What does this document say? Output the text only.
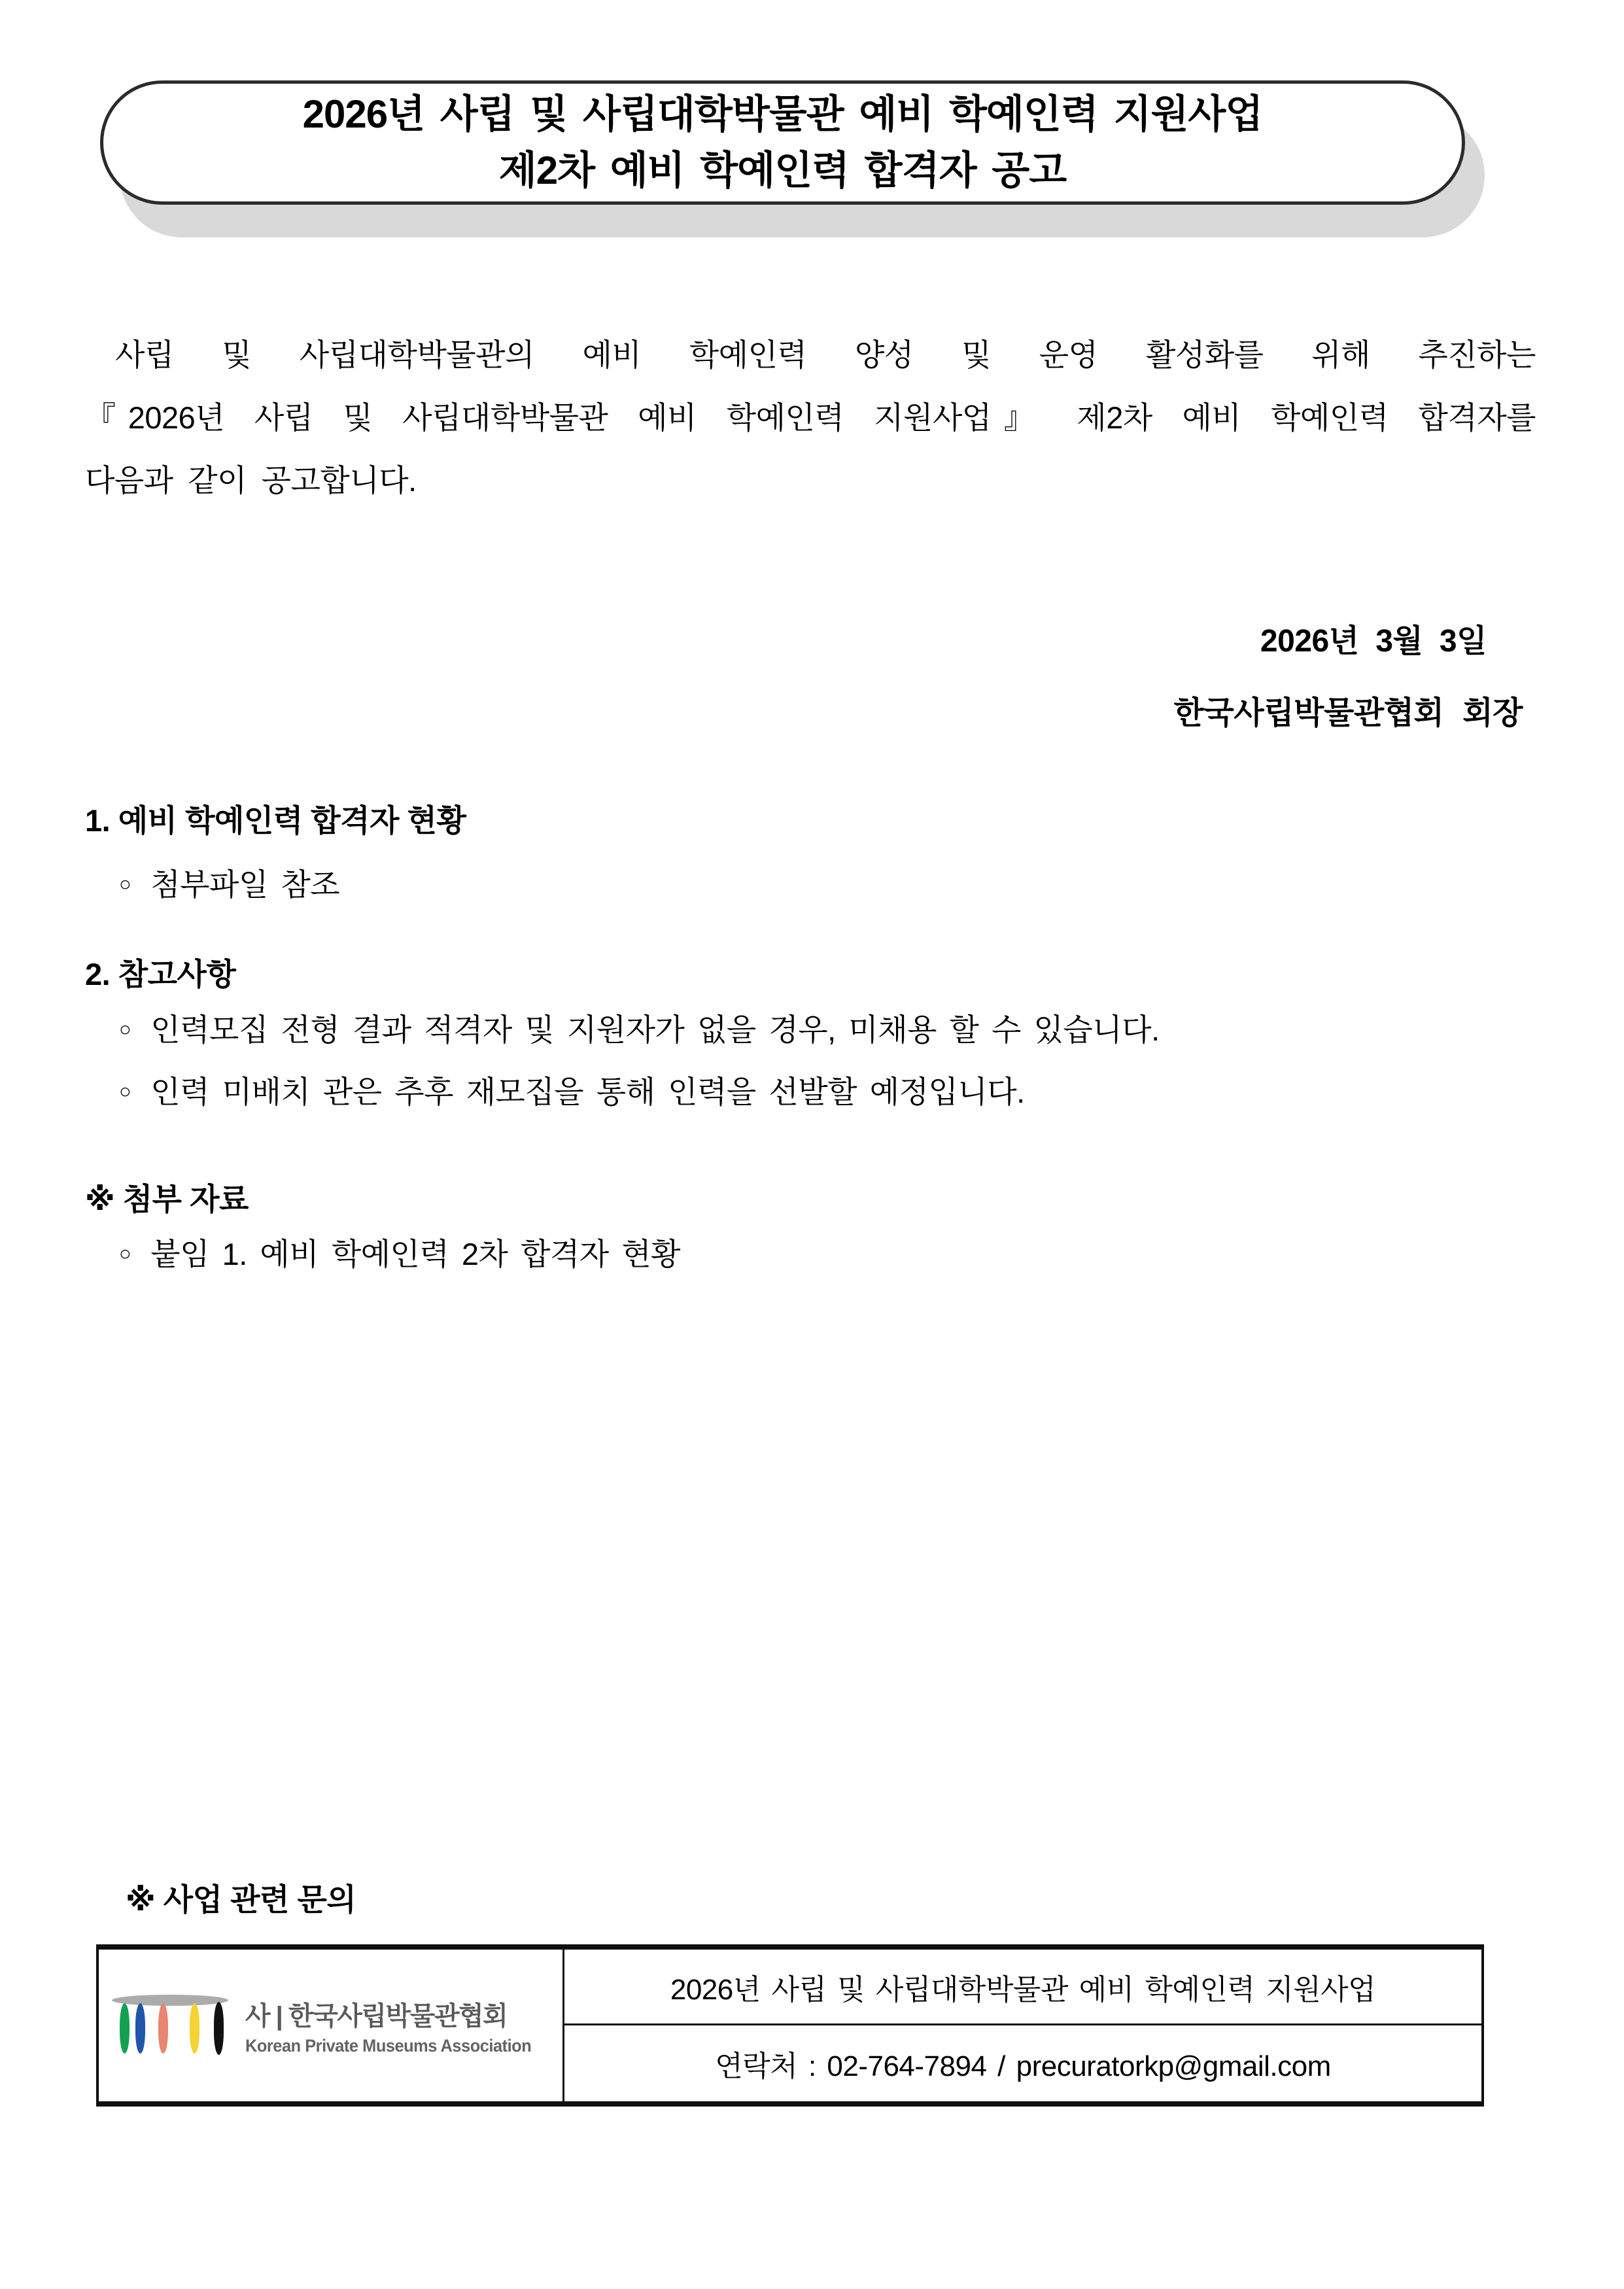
2026년 사립 및 사립대학박물관 예비 학예인력 지원사업
제2차 예비 학예인력 합격자 공고
사립 및 사립대학박물관의 예비 학예인력 양성 및 운영 활성화를 위해 추진하는
『2026년 사립 및 사립대학박물관 예비 학예인력 지원사업』 제2차 예비 학예인력 합격자를
다음과 같이 공고합니다.
2026년  3월  3일
한국사립박물관협회 회장
1. 예비 학예인력 합격자 현황
○ 첨부파일 참조
2. 참고사항
○ 인력모집 전형 결과 적격자 및 지원자가 없을 경우, 미채용 할 수 있습니다.
○ 인력 미배치 관은 추후 재모집을 통해 인력을 선발할 예정입니다.
※ 첨부 자료
○ 붙임 1. 예비 학예인력 2차 합격자 현황
※ 사업 관련 문의
사 | 한국사립박물관협회
Korean Private Museums Association
2026년 사립 및 사립대학박물관 예비 학예인력 지원사업
연락처 : 02-764-7894 / precuratorkp@gmail.com
